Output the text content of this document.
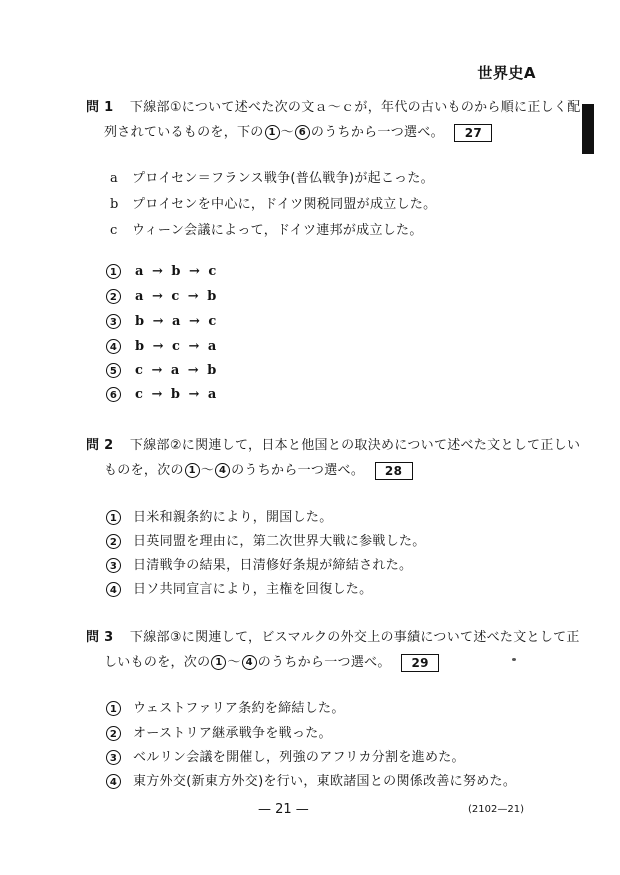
世界史A
問 1 下線部①について述べた次の文ａ～ｃが，年代の古いものから順に正しく配
列されているものを，下の 1 ～ 6 のうちから一つ選べ。 27
a プロイセン＝フランス戦争(普仏戦争)が起こった。
b プロイセンを中心に，ドイツ関税同盟が成立した。
c ウィーン会議によって，ドイツ連邦が成立した。
1 a → b → c
2 a → c → b
3 b → a → c
4 b → c → a
5 c → a → b
6 c → b → a
問 2 下線部②に関連して，日本と他国との取決めについて述べた文として正しい
ものを，次の 1 ～ 4 のうちから一つ選べ。 28
1 日米和親条約により，開国した。
2 日英同盟を理由に，第二次世界大戦に参戦した。
3 日清戦争の結果，日清修好条規が締結された。
4 日ソ共同宣言により，主権を回復した。
問 3 下線部③に関連して，ビスマルクの外交上の事績について述べた文として正
しいものを，次の 1 ～ 4 のうちから一つ選べ。 29
1 ウェストファリア条約を締結した。
2 オーストリア継承戦争を戦った。
3 ベルリン会議を開催し，列強のアフリカ分割を進めた。
4 東方外交(新東方外交)を行い，東欧諸国との関係改善に努めた。
— 21 —	(2102—21)
